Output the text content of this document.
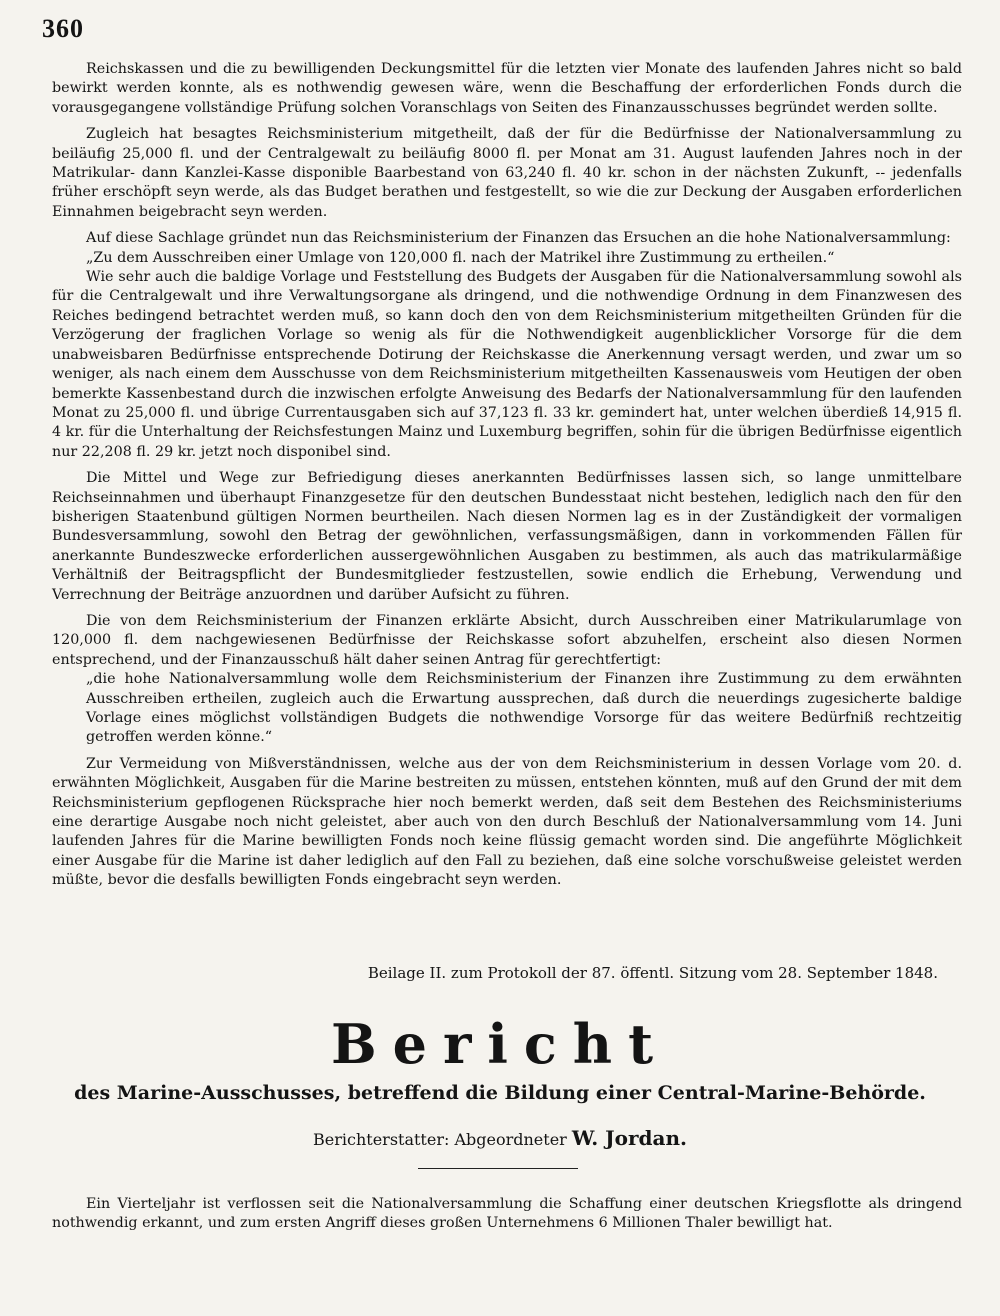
360

Reichskassen und die zu bewilligenden Deckungsmittel für die letzten vier Monate des laufenden Jahres nicht so bald bewirkt werden konnte, als es nothwendig gewesen wäre, wenn die Beschaffung der erforderlichen Fonds durch die vorausgegangene vollständige Prüfung solchen Voranschlags von Seiten des Finanzausschusses begründet werden sollte.

Zugleich hat besagtes Reichsministerium mitgetheilt, daß der für die Bedürfnisse der Nationalversammlung zu beiläufig 25,000 fl. und der Centralgewalt zu beiläufig 8000 fl. per Monat am 31. August laufenden Jahres noch in der Matrikular- dann Kanzlei-Kasse disponible Baarbestand von 63,240 fl. 40 kr. schon in der nächsten Zukunft, -- jedenfalls früher erschöpft seyn werde, als das Budget berathen und festgestellt, so wie die zur Deckung der Ausgaben erforderlichen Einnahmen beigebracht seyn werden.

Auf diese Sachlage gründet nun das Reichsministerium der Finanzen das Ersuchen an die hohe Nationalversammlung:

„Zu dem Ausschreiben einer Umlage von 120,000 fl. nach der Matrikel ihre Zustimmung zu ertheilen.“

Wie sehr auch die baldige Vorlage und Feststellung des Budgets der Ausgaben für die Nationalversammlung sowohl als für die Centralgewalt und ihre Verwaltungsorgane als dringend, und die nothwendige Ordnung in dem Finanzwesen des Reiches bedingend betrachtet werden muß, so kann doch den von dem Reichsministerium mitgetheilten Gründen für die Verzögerung der fraglichen Vorlage so wenig als für die Nothwendigkeit augenblicklicher Vorsorge für die dem unabweisbaren Bedürfnisse entsprechende Dotirung der Reichskasse die Anerkennung versagt werden, und zwar um so weniger, als nach einem dem Ausschusse von dem Reichsministerium mitgetheilten Kassenausweis vom Heutigen der oben bemerkte Kassenbestand durch die inzwischen erfolgte Anweisung des Bedarfs der Nationalversammlung für den laufenden Monat zu 25,000 fl. und übrige Currentausgaben sich auf 37,123 fl. 33 kr. gemindert hat, unter welchen überdieß 14,915 fl. 4 kr. für die Unterhaltung der Reichsfestungen Mainz und Luxemburg begriffen, sohin für die übrigen Bedürfnisse eigentlich nur 22,208 fl. 29 kr. jetzt noch disponibel sind.

Die Mittel und Wege zur Befriedigung dieses anerkannten Bedürfnisses lassen sich, so lange unmittelbare Reichseinnahmen und überhaupt Finanzgesetze für den deutschen Bundesstaat nicht bestehen, lediglich nach den für den bisherigen Staatenbund gültigen Normen beurtheilen. Nach diesen Normen lag es in der Zuständigkeit der vormaligen Bundesversammlung, sowohl den Betrag der gewöhnlichen, verfassungsmäßigen, dann in vorkommenden Fällen für anerkannte Bundeszwecke erforderlichen aussergewöhnlichen Ausgaben zu bestimmen, als auch das matrikularmäßige Verhältniß der Beitragspflicht der Bundesmitglieder festzustellen, sowie endlich die Erhebung, Verwendung und Verrechnung der Beiträge anzuordnen und darüber Aufsicht zu führen.

Die von dem Reichsministerium der Finanzen erklärte Absicht, durch Ausschreiben einer Matrikularumlage von 120,000 fl. dem nachgewiesenen Bedürfnisse der Reichskasse sofort abzuhelfen, erscheint also diesen Normen entsprechend, und der Finanzausschuß hält daher seinen Antrag für gerechtfertigt:

„die hohe Nationalversammlung wolle dem Reichsministerium der Finanzen ihre Zustimmung zu dem erwähnten Ausschreiben ertheilen, zugleich auch die Erwartung aussprechen, daß durch die neuerdings zugesicherte baldige Vorlage eines möglichst vollständigen Budgets die nothwendige Vorsorge für das weitere Bedürfniß rechtzeitig getroffen werden könne.“

Zur Vermeidung von Mißverständnissen, welche aus der von dem Reichsministerium in dessen Vorlage vom 20. d. erwähnten Möglichkeit, Ausgaben für die Marine bestreiten zu müssen, entstehen könnten, muß auf den Grund der mit dem Reichsministerium gepflogenen Rücksprache hier noch bemerkt werden, daß seit dem Bestehen des Reichsministeriums eine derartige Ausgabe noch nicht geleistet, aber auch von den durch Beschluß der Nationalversammlung vom 14. Juni laufenden Jahres für die Marine bewilligten Fonds noch keine flüssig gemacht worden sind. Die angeführte Möglichkeit einer Ausgabe für die Marine ist daher lediglich auf den Fall zu beziehen, daß eine solche vorschußweise geleistet werden müßte, bevor die desfalls bewilligten Fonds eingebracht seyn werden.

Beilage II. zum Protokoll der 87. öffentl. Sitzung vom 28. September 1848.
Bericht
des Marine-Ausschusses, betreffend die Bildung einer Central-Marine-Behörde.
Berichterstatter: Abgeordneter W. Jordan.
Ein Vierteljahr ist verflossen seit die Nationalversammlung die Schaffung einer deutschen Kriegsflotte als dringend nothwendig erkannt, und zum ersten Angriff dieses großen Unternehmens 6 Millionen Thaler bewilligt hat.
